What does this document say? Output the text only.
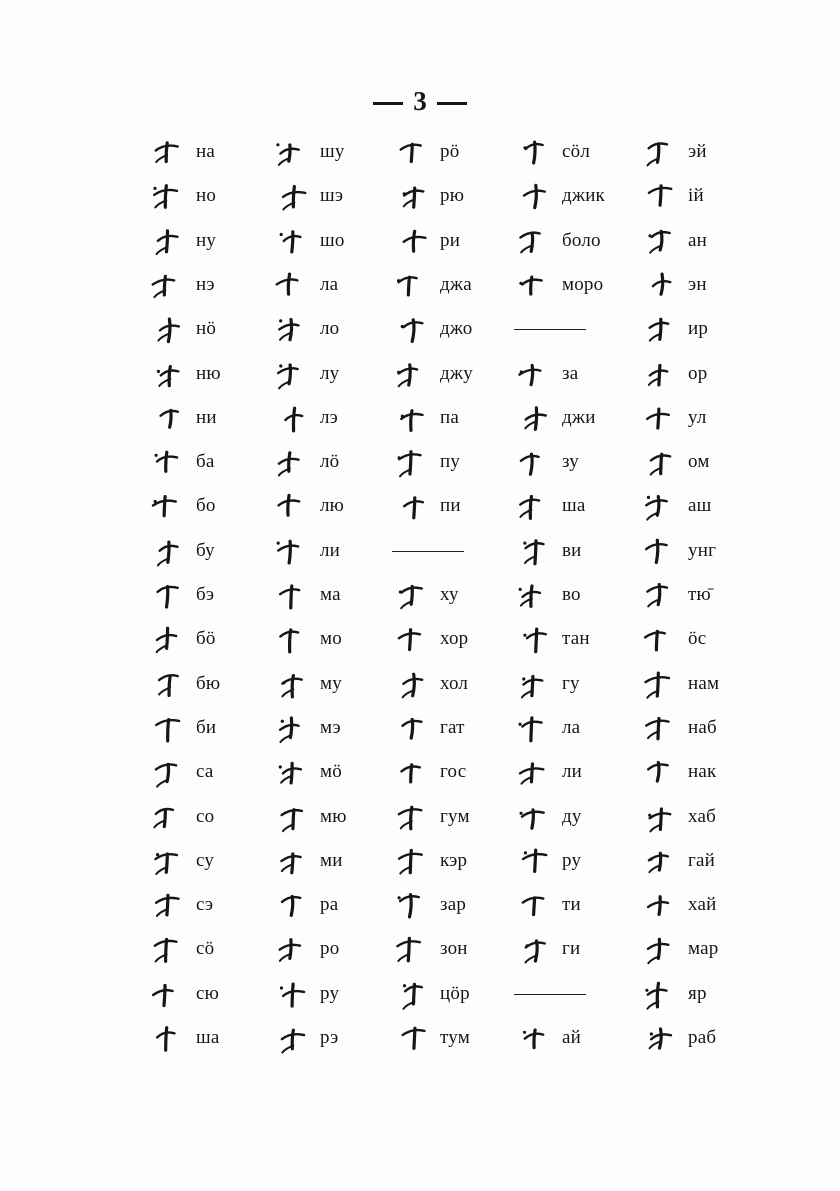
3
на
но
ну
нэ
нӧ
ню
ни
ба
бо
бу
бэ
бӧ
бю
би
са
со
су
сэ
сӧ
сю
ша
шу
шэ
шо
ла
ло
лу
лэ
лӧ
лю
ли
ма
мо
му
мэ
мӧ
мю
ми
ра
ро
ру
рэ
рӧ
рю
ри
джа
джо
джу
па
пу
пи
ху
хор
хол
гат
гос
гум
кэр
зар
зон
цӧр
тум
сӧл
джик
боло
моро
за
джи
зу
ша
ви
во
тан
гу
ла
ли
ду
ру
ти
ги
ай
эй
ій
ан
эн
ир
ор
ул
ом
аш
унг
тю̄
ӧс
нам
наб
нак
хаб
гай
хай
мар
яр
раб
